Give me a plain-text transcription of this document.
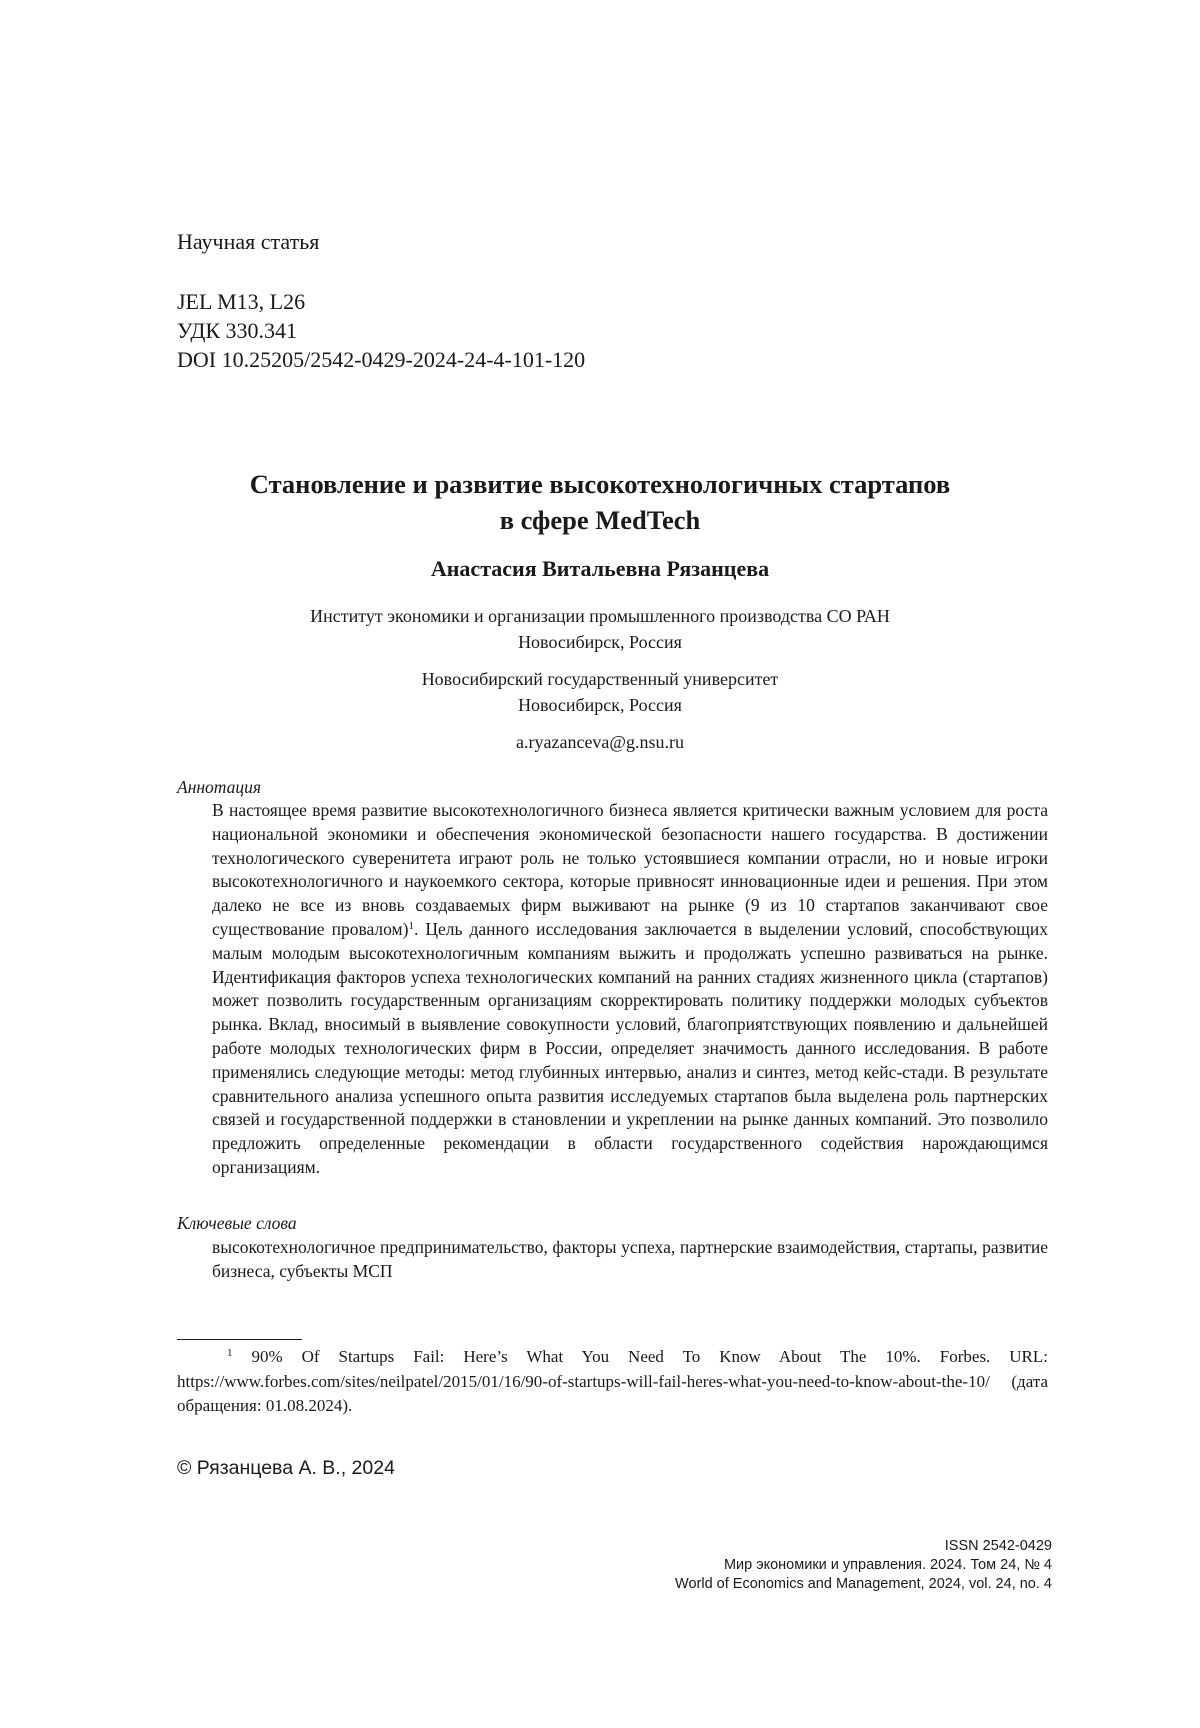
Научная статья
JEL M13, L26
УДК 330.341
DOI 10.25205/2542-0429-2024-24-4-101-120
Становление и развитие высокотехнологичных стартапов
в сфере MedTech
Анастасия Витальевна Рязанцева
Институт экономики и организации промышленного производства СО РАН
Новосибирск, Россия
Новосибирский государственный университет
Новосибирск, Россия
a.ryazanceva@g.nsu.ru
Аннотация

В настоящее время развитие высокотехнологичного бизнеса является критически важным условием для роста национальной экономики и обеспечения экономической безопасности нашего государства. В достижении технологического суверенитета играют роль не только устоявшиеся компании отрасли, но и новые игроки высокотехнологичного и наукоемкого сектора, которые привносят инновационные идеи и решения. При этом далеко не все из вновь создаваемых фирм выживают на рынке (9 из 10 стартапов заканчивают свое существование провалом)$^1$. Цель данного исследования заключается в выделении условий, способствующих малым молодым высокотехнологичным компаниям выжить и продолжать успешно развиваться на рынке. Идентификация факторов успеха технологических компаний на ранних стадиях жизненного цикла (стартапов) может позволить государственным организациям скорректировать политику поддержки молодых субъектов рынка. Вклад, вносимый в выявление совокупности условий, благоприятствующих появлению и дальнейшей работе молодых технологических фирм в России, определяет значимость данного исследования. В работе применялись следующие методы: метод глубинных интервью, анализ и синтез, метод кейс-стади. В результате сравнительного анализа успешного опыта развития исследуемых стартапов была выделена роль партнерских связей и государственной поддержки в становлении и укреплении на рынке данных компаний. Это позволило предложить определенные рекомендации в области государственного содействия нарождающимся организациям.

Ключевые слова

высокотехнологичное предпринимательство, факторы успеха, партнерские взаимодействия, стартапы, развитие бизнеса, субъекты МСП

$^1$ 90% Of Startups Fail: Here’s What You Need To Know About The 10%. Forbes. URL: https://www.forbes.com/sites/neilpatel/2015/01/16/90-of-startups-will-fail-heres-what-you-need-to-know-about-the-10/ (дата обращения: 01.08.2024).

© Рязанцева А. В., 2024
ISSN 2542-0429
Мир экономики и управления. 2024. Том 24, № 4
World of Economics and Management, 2024, vol. 24, no. 4
